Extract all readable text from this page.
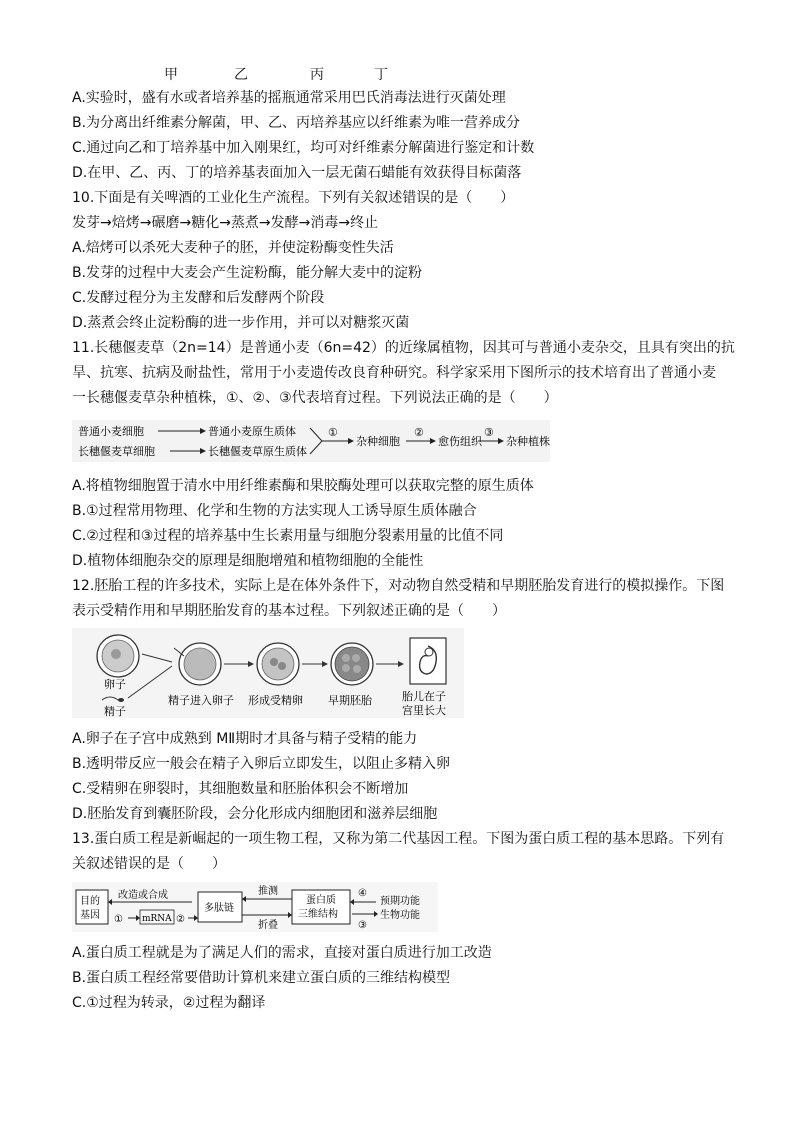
甲	乙	丙	丁
A.实验时，盛有水或者培养基的摇瓶通常采用巴氏消毒法进行灭菌处理
B.为分离出纤维素分解菌，甲、乙、丙培养基应以纤维素为唯一营养成分
C.通过向乙和丁培养基中加入刚果红，均可对纤维素分解菌进行鉴定和计数
D.在甲、乙、丙、丁的培养基表面加入一层无菌石蜡能有效获得目标菌落
10.下面是有关啤酒的工业化生产流程。下列有关叙述错误的是（　　）
发芽→焙烤→碾磨→糖化→蒸煮→发酵→消毒→终止
A.焙烤可以杀死大麦种子的胚，并使淀粉酶变性失活
B.发芽的过程中大麦会产生淀粉酶，能分解大麦中的淀粉
C.发酵过程分为主发酵和后发酵两个阶段
D.蒸煮会终止淀粉酶的进一步作用，并可以对糖浆灭菌
11.长穗偃麦草（2n=14）是普通小麦（6n=42）的近缘属植物，因其可与普通小麦杂交，且具有突出的抗
旱、抗寒、抗病及耐盐性，常用于小麦遗传改良育种研究。科学家采用下图所示的技术培育出了普通小麦
一长穗偃麦草杂种植株，①、②、③代表培育过程。下列说法正确的是（　　）
普通小麦细胞	普通小麦原生质体
长穗偃麦草细胞	长穗偃麦草原生质体
①
杂种细胞
②
愈伤组织
③
杂种植株
A.将植物细胞置于清水中用纤维素酶和果胶酶处理可以获取完整的原生质体
B.①过程常用物理、化学和生物的方法实现人工诱导原生质体融合
C.②过程和③过程的培养基中生长素用量与细胞分裂素用量的比值不同
D.植物体细胞杂交的原理是细胞增殖和植物细胞的全能性
12.胚胎工程的许多技术，实际上是在体外条件下，对动物自然受精和早期胚胎发育进行的模拟操作。下图
表示受精作用和早期胚胎发育的基本过程。下列叙述正确的是（　　）
卵子
精子
精子进入卵子 形成受精卵 早期胚胎	胎儿在子
宫里长大
A.卵子在子宫中成熟到 MⅡ期时才具备与精子受精的能力
B.透明带反应一般会在精子入卵后立即发生，以阻止多精入卵
C.受精卵在卵裂时，其细胞数量和胚胎体积会不断增加
D.胚胎发育到囊胚阶段，会分化形成内细胞团和滋养层细胞
13.蛋白质工程是新崛起的一项生物工程，又称为第二代基因工程。下图为蛋白质工程的基本思路。下列有
关叙述错误的是（　　）
目的
基因
改造或合成
① mRNA ②
多肽链
推测
折叠
蛋白质
三维结构
④
③
预期功能
生物功能
A.蛋白质工程就是为了满足人们的需求，直接对蛋白质进行加工改造
B.蛋白质工程经常要借助计算机来建立蛋白质的三维结构模型
C.①过程为转录，②过程为翻译
